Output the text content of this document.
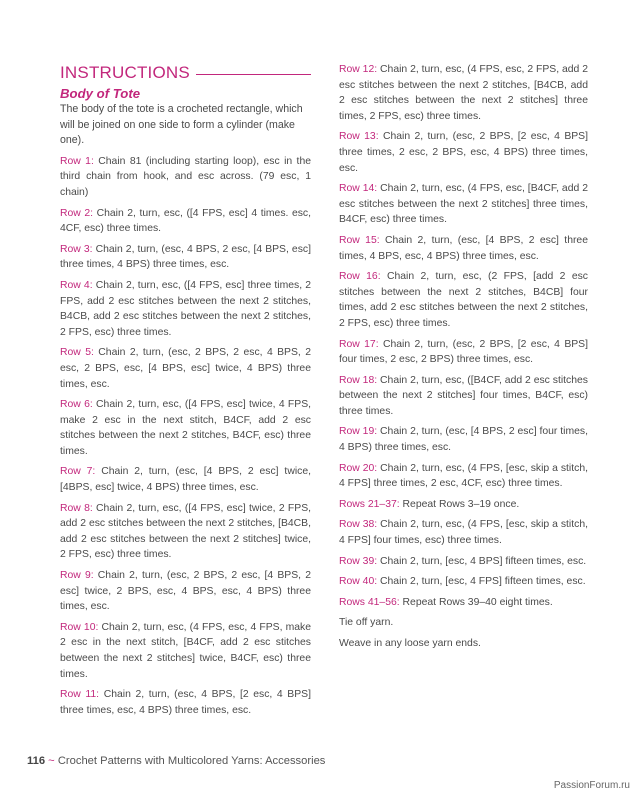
INSTRUCTIONS
Body of Tote

The body of the tote is a crocheted rectangle, which will be joined on one side to form a cylinder (make one).

Row 1: Chain 81 (including starting loop), esc in the third chain from hook, and esc across. (79 esc, 1 chain)

Row 2: Chain 2, turn, esc, ([4 FPS, esc] 4 times. esc, 4CF, esc) three times.

Row 3: Chain 2, turn, (esc, 4 BPS, 2 esc, [4 BPS, esc] three times, 4 BPS) three times, esc.

Row 4: Chain 2, turn, esc, ([4 FPS, esc] three times, 2 FPS, add 2 esc stitches between the next 2 stitches, B4CB, add 2 esc stitches between the next 2 stitches, 2 FPS, esc) three times.

Row 5: Chain 2, turn, (esc, 2 BPS, 2 esc, 4 BPS, 2 esc, 2 BPS, esc, [4 BPS, esc] twice, 4 BPS) three times, esc.

Row 6: Chain 2, turn, esc, ([4 FPS, esc] twice, 4 FPS, make 2 esc in the next stitch, B4CF, add 2 esc stitches between the next 2 stitches, B4CF, esc) three times.

Row 7: Chain 2, turn, (esc, [4 BPS, 2 esc] twice, [4BPS, esc] twice, 4 BPS) three times, esc.

Row 8: Chain 2, turn, esc, ([4 FPS, esc] twice, 2 FPS, add 2 esc stitches between the next 2 stitches, [B4CB, add 2 esc stitches between the next 2 stitches] twice, 2 FPS, esc) three times.

Row 9: Chain 2, turn, (esc, 2 BPS, 2 esc, [4 BPS, 2 esc] twice, 2 BPS, esc, 4 BPS, esc, 4 BPS) three times, esc.

Row 10: Chain 2, turn, esc, (4 FPS, esc, 4 FPS, make 2 esc in the next stitch, [B4CF, add 2 esc stitches between the next 2 stitches] twice, B4CF, esc) three times.

Row 11: Chain 2, turn, (esc, 4 BPS, [2 esc, 4 BPS] three times, esc, 4 BPS) three times, esc.

Row 12: Chain 2, turn, esc, (4 FPS, esc, 2 FPS, add 2 esc stitches between the next 2 stitches, [B4CB, add 2 esc stitches between the next 2 stitches] three times, 2 FPS, esc) three times.

Row 13: Chain 2, turn, (esc, 2 BPS, [2 esc, 4 BPS] three times, 2 esc, 2 BPS, esc, 4 BPS) three times, esc.

Row 14: Chain 2, turn, esc, (4 FPS, esc, [B4CF, add 2 esc stitches between the next 2 stitches] three times, B4CF, esc) three times.

Row 15: Chain 2, turn, (esc, [4 BPS, 2 esc] three times, 4 BPS, esc, 4 BPS) three times, esc.

Row 16: Chain 2, turn, esc, (2 FPS, [add 2 esc stitches between the next 2 stitches, B4CB] four times, add 2 esc stitches between the next 2 stitches, 2 FPS, esc) three times.

Row 17: Chain 2, turn, (esc, 2 BPS, [2 esc, 4 BPS] four times, 2 esc, 2 BPS) three times, esc.

Row 18: Chain 2, turn, esc, ([B4CF, add 2 esc stitches between the next 2 stitches] four times, B4CF, esc) three times.

Row 19: Chain 2, turn, (esc, [4 BPS, 2 esc] four times, 4 BPS) three times, esc.

Row 20: Chain 2, turn, esc, (4 FPS, [esc, skip a stitch, 4 FPS] three times, 2 esc, 4CF, esc) three times.

Rows 21–37: Repeat Rows 3–19 once.

Row 38: Chain 2, turn, esc, (4 FPS, [esc, skip a stitch, 4 FPS] four times, esc) three times.

Row 39: Chain 2, turn, [esc, 4 BPS] fifteen times, esc.

Row 40: Chain 2, turn, [esc, 4 FPS] fifteen times, esc.

Rows 41–56: Repeat Rows 39–40 eight times.

Tie off yarn.

Weave in any loose yarn ends.

116 ~ Crochet Patterns with Multicolored Yarns: Accessories
PassionForum.ru
